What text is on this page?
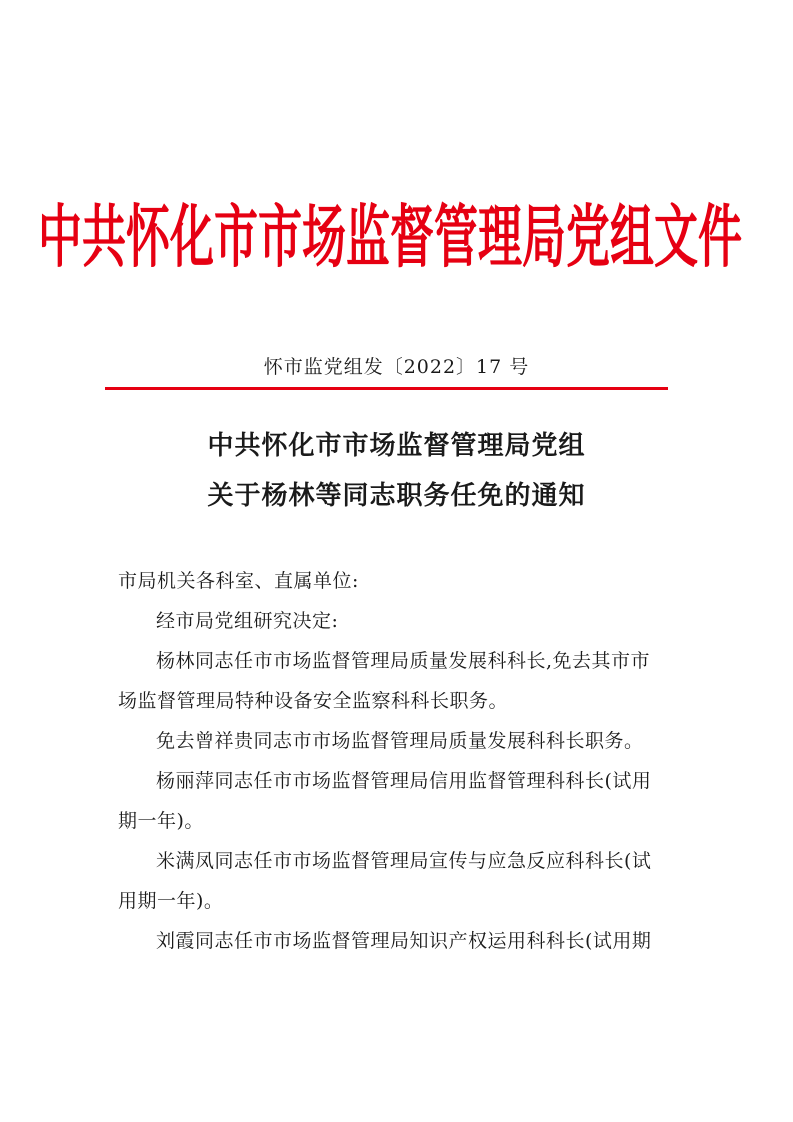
中共怀化市市场监督管理局党组文件
怀市监党组发〔2022〕17 号
中共怀化市市场监督管理局党组
关于杨林等同志职务任免的通知
市局机关各科室、直属单位:
经市局党组研究决定:
杨林同志任市市场监督管理局质量发展科科长,免去其市市
场监督管理局特种设备安全监察科科长职务。
免去曾祥贵同志市市场监督管理局质量发展科科长职务。
杨丽萍同志任市市场监督管理局信用监督管理科科长(试用
期一年)。
米满凤同志任市市场监督管理局宣传与应急反应科科长(试
用期一年)。
刘霞同志任市市场监督管理局知识产权运用科科长(试用期
